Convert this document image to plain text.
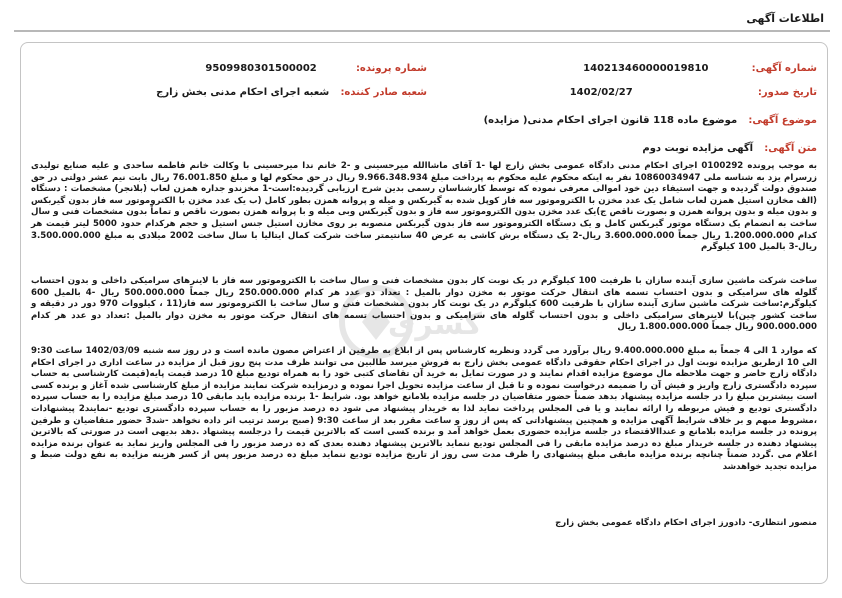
اطلاعات آگهی
شماره آگهی: 140213460000019810
شماره پرونده: 9509980301500002
تاریخ صدور: 1402/02/27
شعبه صادر کننده: شعبه اجرای احکام مدنی بخش زارج
موضوع آگهی: موضوع ماده 118 قانون اجرای احکام مدنی( مزایده)
متن آگهی: آگهی مزایده نوبت دوم
به موجب پرونده 0100292 اجرای احکام مدنی دادگاه عمومی بخش زارج لها -1 آقای ماشاالله میرحسینی و -2 خانم ندا میرحسینی با وکالت خانم فاطمه ساحدی و علیه صنایع تولیدی زرسرام یزد به شناسه ملی 10860034947 نفر به اینکه محکوم علیه محکوم به پرداخت مبلغ 9.966.348.934 ریال در حق محکوم لها و مبلغ 76.001.850 ریال بابت نیم عشر دولتی در حق صندوق دولت گردیده و جهت استیفاء دین خود اموالی معرفی نموده که توسط کارشناسان رسمی بدین شرح ارزیابی گردیده:است-1 مخزندو جداره همزن لعاب (بلانجر) مشخصات : دستگاه (الف مخازن استیل همزن لعاب شامل یک عدد مخزن با الکتروموتور سه فاز کوپل شده به گیربکس و میله و پروانه همزن بطور کامل (ب یک عدد مخزن با الکتروموتور سه فاز بدون گیربکس و بدون میله و بدون پروانه همزن و بصورت ناقص ج)یک عدد مخزن بدون الکتروموتور سه فاز و بدون گیربکس وبی میله و با پروانه همزن بصورت ناقص و تماماً بدون مشخصات فنی و سال ساخت به انضمام یک دستگاه موتور گیربکس کامل و یک دستگاه الکتروموتور سه فاز بدون گیربکس منصوبه بر روی مخازن استیل جنس استیل و حجم هرکدام حدود 5000 لیتر قیمت هر کدام 1.200.000.000 ریال جمعاً 3.600.000.000 ریال-2 یک دستگاه برش کاشی به عرض 40 سانتیمتر ساخت شرکت کمال ایتالیا با سال ساخت 2002 میلادی به مبلغ 3.500.000.000 ریال-3 بالمیل 100 کیلوگرم
ساخت شرکت ماشین سازی آینده سازان با ظرفیت 100 کیلوگرم در یک نوبت کار بدون مشخصات فنی و سال ساخت با الکتروموتور سه فاز با لاینرهای سرامیکی داخلی و بدون احتساب گلوله های سرامیکی و بدون احتساب تسمه های انتقال حرکت موتور به مخزن دوار بالمیل : تعداد دو عدد هر کدام 250.000.000 ریال جمعاً 500.000.000 ریال -4 بالمیل 600 کیلوگرم:ساخت شرکت ماشین سازی آینده سازان با ظرفیت 600 کیلوگرم در یک نوبت کار بدون مشخصات فنی و سال ساخت با الکتروموتور سه فاز(11 ، کیلووات 970 دور در دقیقه و ساخت کشور چین)با لاینرهای سرامیکی داخلی و بدون احتساب گلوله های سرامیکی و بدون احتساب تسمه های انتقال حرکت موتور به مخزن دوار بالمیل :تعداد دو عدد هر کدام 900.000.000 ریال جمعاً 1.800.000.000 ریال
که موارد 1 الی 4 جمعاً به مبلغ 9.400.000.000 ریال برآورد می گردد ونظریه کارشناس پس از ابلاغ به طرفین از اعتراض مصون مانده است و در روز سه شنبه 1402/03/09 ساعت 9:30 الی 10 ازطریق مزایده نوبت اول در اجرای احکام حقوقی دادگاه عمومی بخش زارج به فروش میرسد طالبین می توانند ظرف مدت پنج روز قبل از مزایده در ساعت اداری در اجرای احکام دادگاه زارج حاضر و جهت ملاحظه مال موضوع مزایده اقدام نمایند و در صورت تمایل به خرید آن تقاضای کتبی خود را به همراه تودیع مبلغ 10 درصد قیمت پایه(قیمت کارشناسی به حساب سپرده دادگستری زارج واریز و فیش آن را ضمیمه درخواست نموده و تا قبل از ساعت مزایده تحویل اجرا نموده و درمزایده شرکت نمایند مزایده از مبلغ کارشناسی شده آغاز و برنده کسی است بیشترین مبلغ را در جلسه مزایده پیشنهاد بدهد ضمناً حضور متقاضیان در جلسه مزایده بلامانع خواهد بود. شرایط -1 برنده مزایده باید مابقی 10 درصد مبلغ مزایده را به حساب سپرده دادگستری تودیع و فیش مربوطه را ارائه نمایند و یا فی المجلس پرداخت نماید لذا به خریدار پیشنهاد می شود ده درصد مزبور را به حساب سپرده دادگستری تودیع -نمایند2 پیشنهادات ،مشروط مبهم و بر خلاف شرایط آگهی مزایده و همچنین پیشنهاداتی که پس از روز و ساعت مقرر بعد از ساعت 9:30 (صبح برسد ترتیب اثر داده نخواهد -شد3 حضور متقاضیان و طرفین پرونده در جلسه مزایده بلامانع و عنداالاقتضاء در جلسه مزایده حضوری بعمل خواهد آمد و برنده کسی است که بالاترین قیمت را درجلسه پیشنهاد .دهد بدیهی است در صورتی که بالاترین پیشنهاد دهنده در جلسه خریدار مبلغ ده درصد مزایده مابقی را فی المجلس تودیع ننماید بالاترین پیشنهاد دهنده بعدی که ده درصد مزبور را فی المجلس واریز نماید به عنوان برنده مزایده اعلام می .گردد ضمناً چنانچه برنده مزایده مابقی مبلغ پیشنهادی را ظرف مدت سی روز از تاریخ مزایده تودیع ننماید مبلغ ده درصد مزبور پس از کسر هزینه مزایده به نفع دولت ضبط و مزایده تجدید خواهدشد
منصور انتظاری- دادورز اجرای احکام دادگاه عمومی بخش زارج
کسری
